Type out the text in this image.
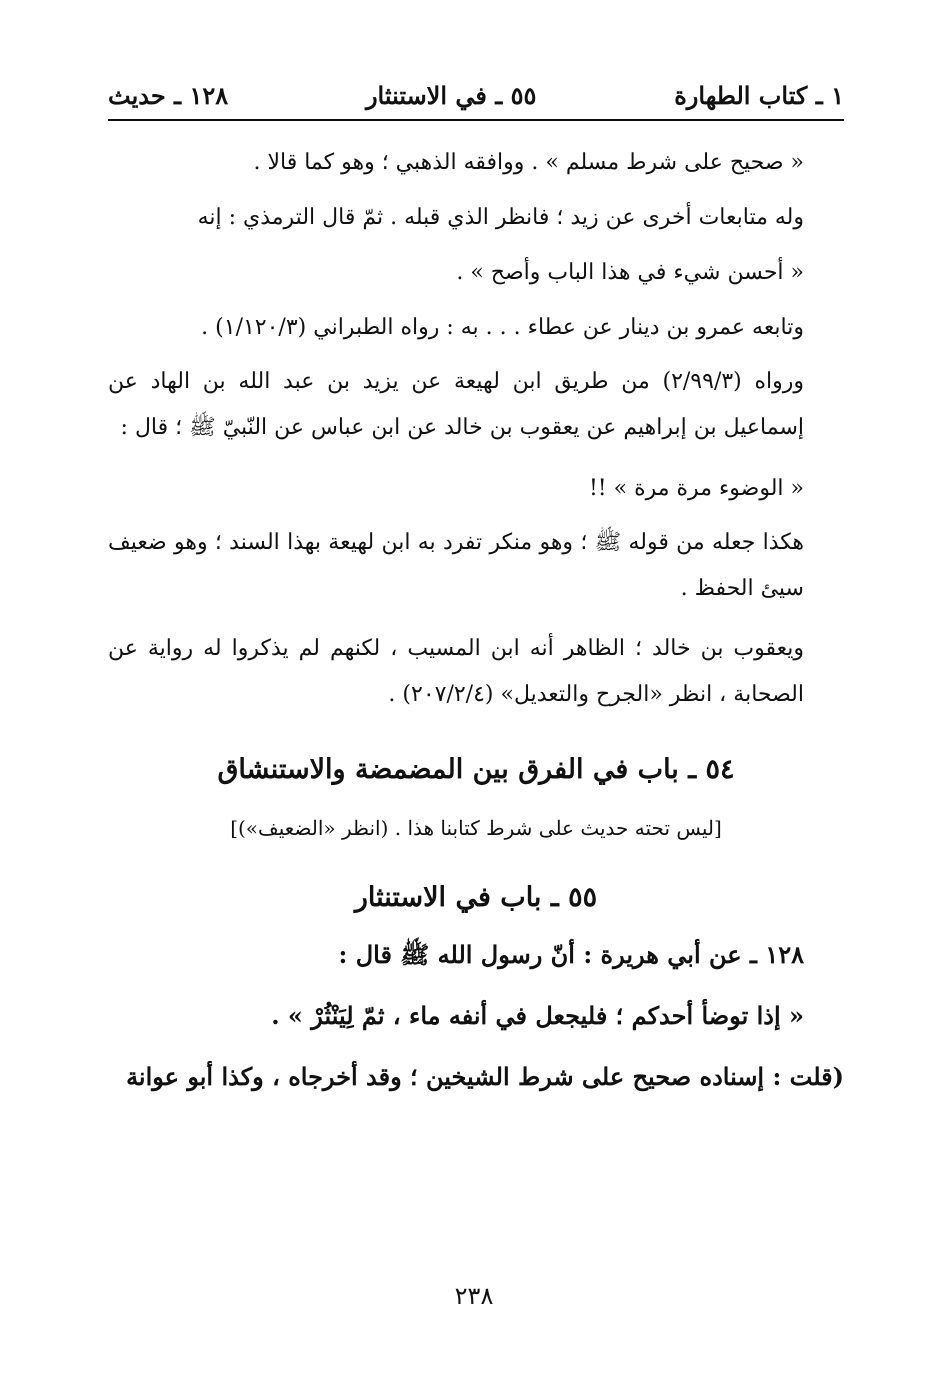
١ ـ كتاب الطهارة
٥٥ ـ في الاستنثار
١٢٨ ـ حديث

« صحيح على شرط مسلم » . ووافقه الذهبي ؛ وهو كما قالا .

وله متابعات أخرى عن زيد ؛ فانظر الذي قبله . ثمّ قال الترمذي : إنه

« أحسن شيء في هذا الباب وأصح » .

وتابعه عمرو بن دينار عن عطاء . . . به : رواه الطبراني (١/١٢٠/٣) .

ورواه (٢/٩٩/٣) من طريق ابن لهيعة عن يزيد بن عبد الله بن الهاد عن إسماعيل بن إبراهيم عن يعقوب بن خالد عن ابن عباس عن النّبيّ ﷺ ؛ قال :

« الوضوء مرة مرة » !!

هكذا جعله من قوله ﷺ ؛ وهو منكر تفرد به ابن لهيعة بهذا السند ؛ وهو ضعيف سيئ الحفظ .

ويعقوب بن خالد ؛ الظاهر أنه ابن المسيب ، لكنهم لم يذكروا له رواية عن الصحابة ، انظر «الجرح والتعديل» (٢٠٧/٢/٤) .

٥٤ ـ باب في الفرق بين المضمضة والاستنشاق

[ليس تحته حديث على شرط كتابنا هذا . (انظر «الضعيف»)]

٥٥ ـ باب في الاستنثار

١٢٨ ـ عن أبي هريرة : أنّ رسول الله ﷺ قال :

« إذا توضأ أحدكم ؛ فليجعل في أنفه ماء ، ثمّ لِيَنْثُرْ » .

(قلت : إسناده صحيح على شرط الشيخين ؛ وقد أخرجاه ، وكذا أبو عوانة

٢٣٨
